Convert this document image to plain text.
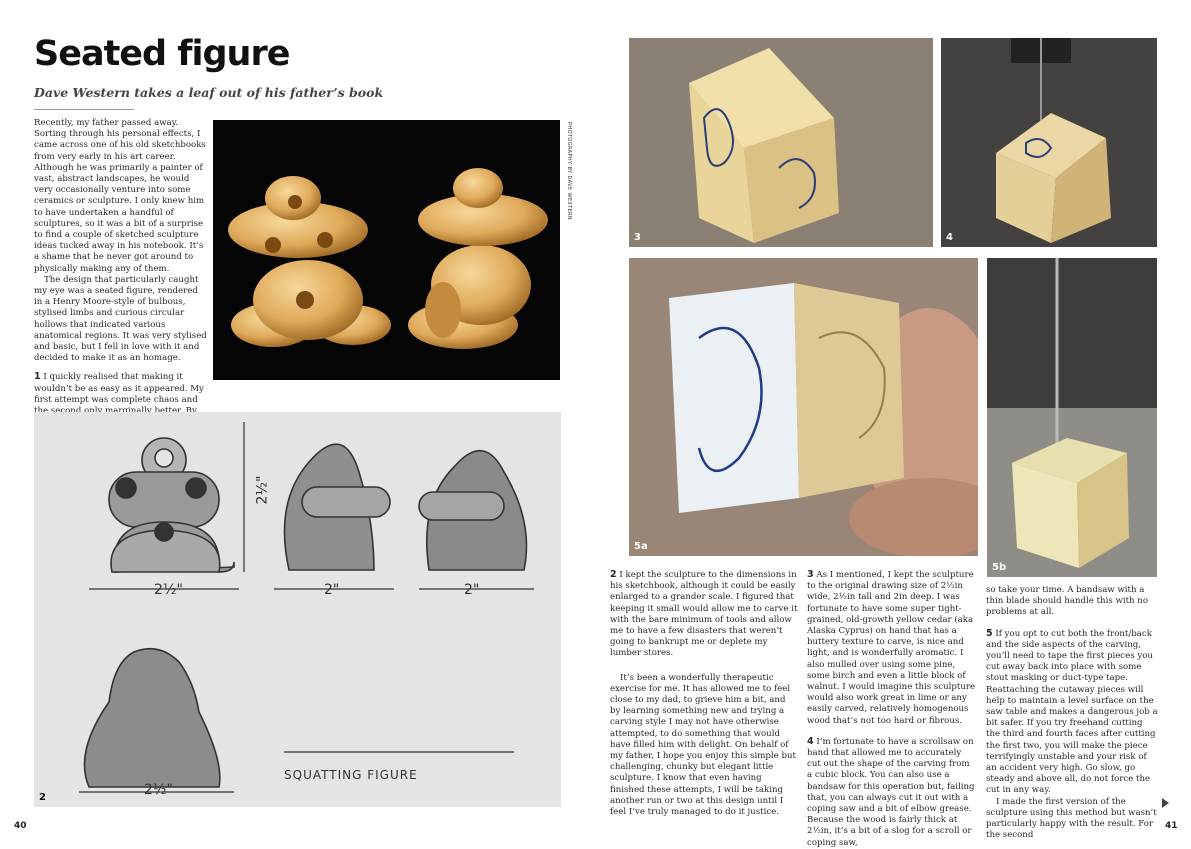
Seated figure
Dave Western takes a leaf out of his father’s book

Recently, my father passed away. Sorting through his personal effects, I came across one of his old sketchbooks from very early in his art career. Although he was primarily a painter of vast, abstract landscapes, he would very occasionally venture into some ceramics or sculpture. I only knew him to have undertaken a handful of sculptures, so it was a bit of a surprise to find a couple of sketched sculpture ideas tucked away in his notebook. It’s a shame that he never got around to physically making any of them.

The design that particularly caught my eye was a seated figure, rendered in a Henry Moore-style of bulbous, stylised limbs and curious circular hollows that indicated various anatomical regions. It was very stylised and basic, but I fell in love with it and decided to make it as an homage.

1 I quickly realised that making it wouldn’t be as easy as it appeared. My first attempt was complete chaos and

PHOTOGRAPHY BY DAVE WESTERN
2½"
2½"	2"	2"
2½"
SQUATTING FIGURE
2
40
3	4
5a
5b

2 I kept the sculpture to the dimensions in his sketchbook, although it could be easily enlarged to a grander scale. I figured that keeping it small would allow me to carve it with the bare minimum of tools and allow me to have a few disasters that weren’t going to bankrupt me or deplete my lumber stores.

It’s been a wonderfully therapeutic exercise for me. It has allowed me to feel close to my dad, to grieve him a bit, and by learning something new and trying a carving style I may not have otherwise attempted, to do something that would have filled him with delight. On behalf of my father, I hope you enjoy this simple but challenging, chunky but elegant little sculpture. I know that even having finished these attempts, I will be taking another run or two at this design until I feel I’ve truly managed to do it justice.

3 As I mentioned, I kept the sculpture to the original drawing size of 2½in wide, 2½in tall and 2in deep. I was fortunate to have some super tight-grained, old-growth yellow cedar (aka Alaska Cyprus) on hand that has a buttery texture to carve, is nice and light, and is wonderfully aromatic. I also mulled over using some pine, some birch and even a little block of walnut. I would imagine this sculpture would also work great in lime or any easily carved, relatively homogenous wood that’s not too hard or fibrous.

4 I’m fortunate to have a scrollsaw on hand that allowed me to accurately cut out the shape of the carving from a cubic block. You can also use a bandsaw for this operation but, failing that, you can always cut it out with a coping saw and a bit of elbow grease. Because the wood is fairly thick at 2½in, it’s a bit of a slog for a scroll or coping saw,

so take your time. A bandsaw with a thin blade should handle this with no problems at all.

5 If you opt to cut both the front/back and the side aspects of the carving, you’ll need to tape the first pieces you cut away back into place with some stout masking or duct-type tape. Reattaching the cutaway pieces will help to maintain a level surface on the saw table and makes a dangerous job a bit safer. If you try freehand cutting the third and fourth faces after cutting the first two, you will make the piece terrifyingly unstable and your risk of an accident very high. Go slow, go steady and above all, do not force the cut in any way.

I made the first version of the sculpture using this method but wasn’t particularly happy with the result. For the second

41
